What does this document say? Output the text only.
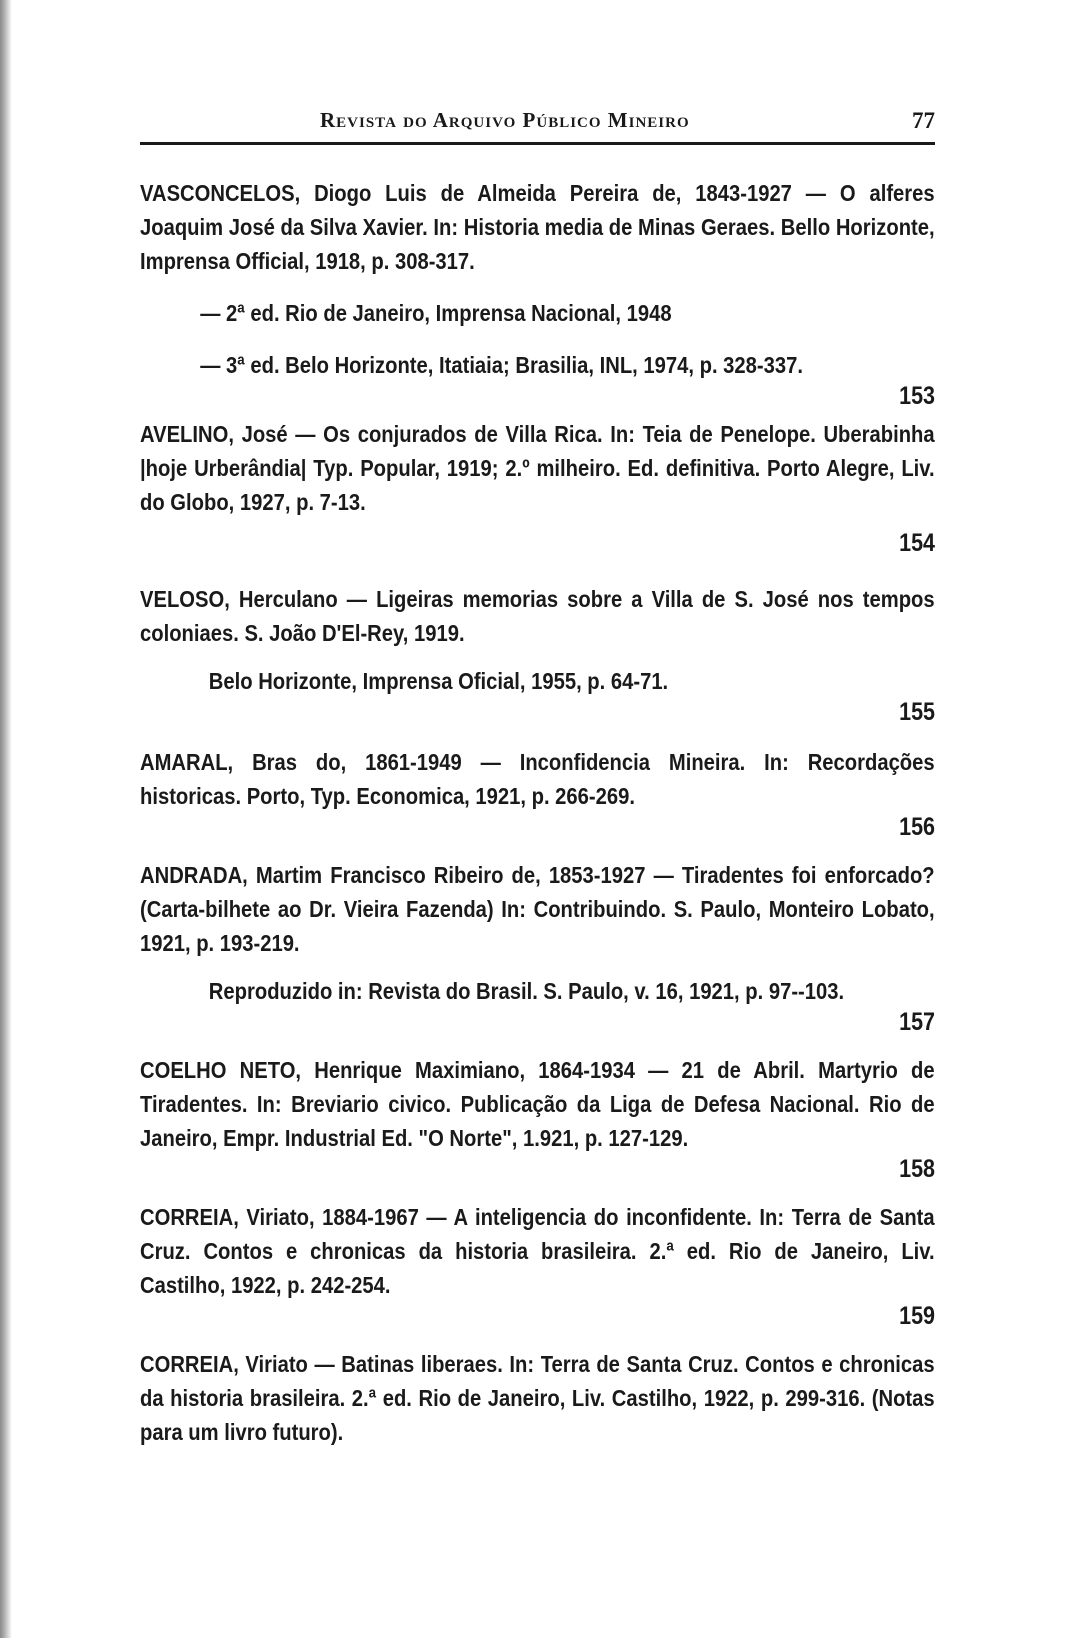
Revista do Arquivo Público Mineiro	77

VASCONCELOS, Diogo Luis de Almeida Pereira de, 1843-1927 — O alferes Joaquim José da Silva Xavier. In: Historia media de Minas Geraes. Bello Horizonte, Imprensa Official, 1918, p. 308-317.

— 2ª ed. Rio de Janeiro, Imprensa Nacional, 1948

— 3ª ed. Belo Horizonte, Itatiaia; Brasilia, INL, 1974, p. 328-337.

153

AVELINO, José — Os conjurados de Villa Rica. In: Teia de Penelope. Uberabinha |hoje Urberândia| Typ. Popular, 1919; 2.º milheiro. Ed. definitiva. Porto Alegre, Liv. do Globo, 1927, p. 7-13.

154

VELOSO, Herculano — Ligeiras memorias sobre a Villa de S. José nos tempos coloniaes. S. João D'El-Rey, 1919.

Belo Horizonte, Imprensa Oficial, 1955, p. 64-71.

155

AMARAL, Bras do, 1861-1949 — Inconfidencia Mineira. In: Recordações historicas. Porto, Typ. Economica, 1921, p. 266-269.

156

ANDRADA, Martim Francisco Ribeiro de, 1853-1927 — Tiradentes foi enforcado? (Carta-bilhete ao Dr. Vieira Fazenda) In: Contribuindo. S. Paulo, Monteiro Lobato, 1921, p. 193-219.

Reproduzido in: Revista do Brasil. S. Paulo, v. 16, 1921, p. 97--103.

157

COELHO NETO, Henrique Maximiano, 1864-1934 — 21 de Abril. Martyrio de Tiradentes. In: Breviario civico. Publicação da Liga de Defesa Nacional. Rio de Janeiro, Empr. Industrial Ed. "O Norte", 1.921, p. 127-129.

158

CORREIA, Viriato, 1884-1967 — A inteligencia do inconfidente. In: Terra de Santa Cruz. Contos e chronicas da historia brasileira. 2.ª ed. Rio de Janeiro, Liv. Castilho, 1922, p. 242-254.

159

CORREIA, Viriato — Batinas liberaes. In: Terra de Santa Cruz. Contos e chronicas da historia brasileira. 2.ª ed. Rio de Janeiro, Liv. Castilho, 1922, p. 299-316. (Notas para um livro futuro).
